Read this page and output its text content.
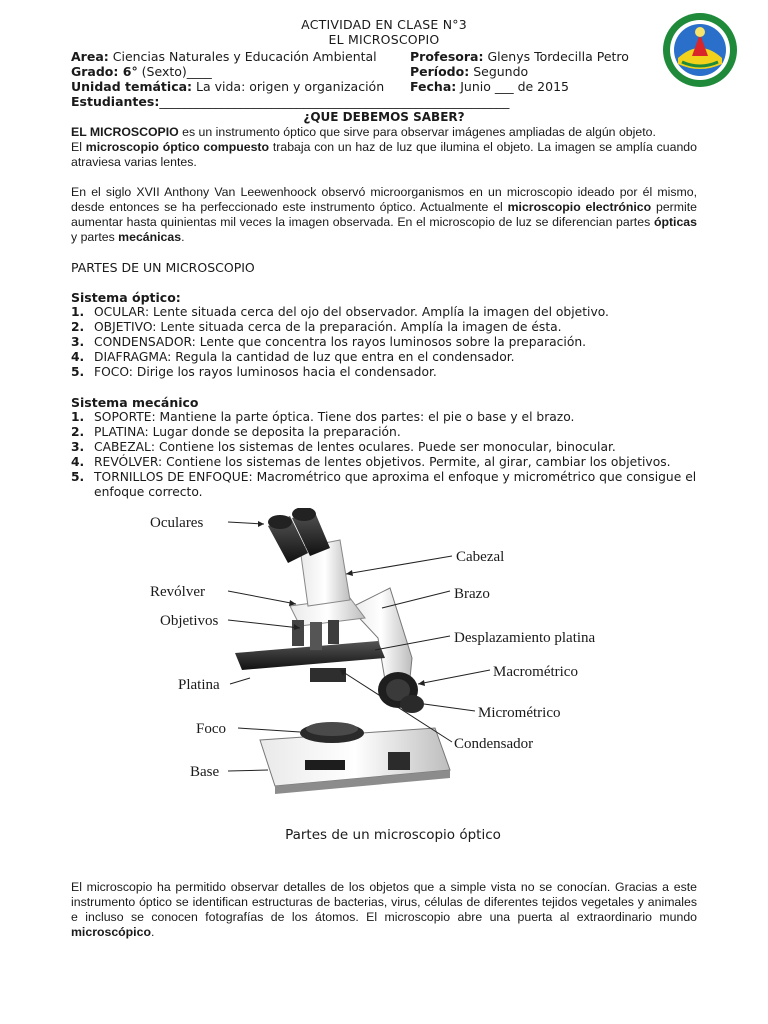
ACTIVIDAD EN CLASE N°3
EL MICROSCOPIO
Area: Ciencias Naturales y Educación Ambiental	Profesora: Glenys Tordecilla Petro
Grado: 6° (Sexto)____	Período: Segundo
Unidad temática: La vida: origen y organización Fecha: Junio ___ de 2015
Estudiantes:________________________________________________________
¿QUE DEBEMOS SABER?
EL MICROSCOPIO es un instrumento óptico que sirve para observar imágenes ampliadas de algún objeto.
El microscopio óptico compuesto trabaja con un haz de luz que ilumina el objeto. La imagen se amplía cuando atraviesa varias lentes.
En el siglo XVII Anthony Van Leewenhoock observó microorganismos en un microscopio ideado por él mismo, desde entonces se ha perfeccionado este instrumento óptico. Actualmente el microscopio electrónico permite aumentar hasta quinientas mil veces la imagen observada. En el microscopio de luz se diferencian partes ópticas y partes mecánicas.
PARTES DE UN MICROSCOPIO
Sistema óptico:
1. OCULAR: Lente situada cerca del ojo del observador. Amplía la imagen del objetivo.
2. OBJETIVO: Lente situada cerca de la preparación. Amplía la imagen de ésta.
3. CONDENSADOR: Lente que concentra los rayos luminosos sobre la preparación.
4. DIAFRAGMA: Regula la cantidad de luz que entra en el condensador.
5. FOCO: Dirige los rayos luminosos hacia el condensador.
Sistema mecánico
1. SOPORTE: Mantiene la parte óptica. Tiene dos partes: el pie o base y el brazo.
2. PLATINA: Lugar donde se deposita la preparación.
3. CABEZAL: Contiene los sistemas de lentes oculares. Puede ser monocular, binocular.
4. REVÓLVER: Contiene los sistemas de lentes objetivos. Permite, al girar, cambiar los objetivos.
5. TORNILLOS DE ENFOQUE: Macrométrico que aproxima el enfoque y micrométrico que consigue el enfoque correcto.
Oculares
Revólver
Objetivos
Platina
Foco
Base
Cabezal
Brazo
Desplazamiento platina
Macrométrico
Micrométrico
Condensador
Partes de un microscopio óptico
El microscopio ha permitido observar detalles de los objetos que a simple vista no se conocían. Gracias a este instrumento óptico se identifican estructuras de bacterias, virus, células de diferentes tejidos vegetales y animales e incluso se conocen fotografías de los átomos. El microscopio abre una puerta al extraordinario mundo microscópico.
